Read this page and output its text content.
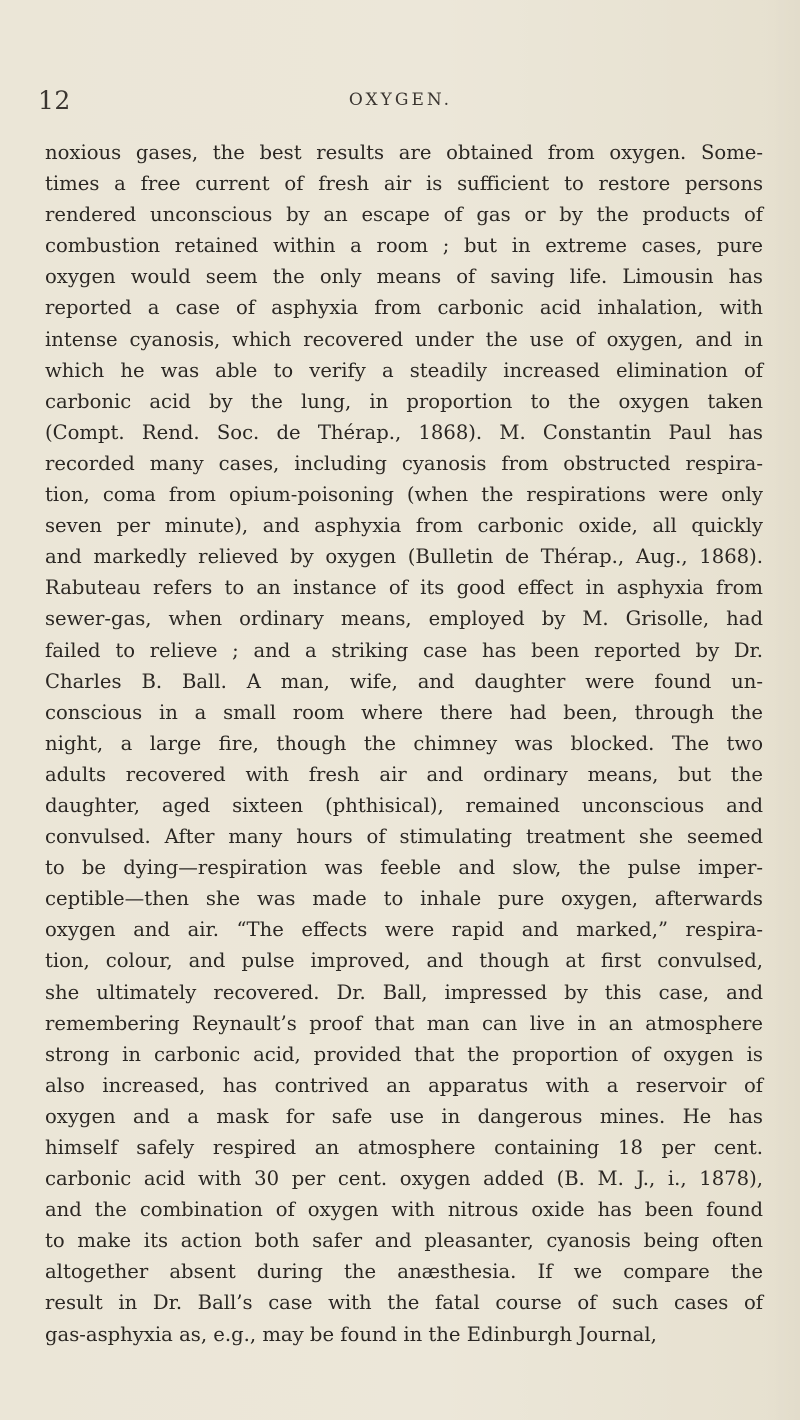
12	OXYGEN.
noxious gases, the best results are obtained from oxygen. Some-
times a free current of fresh air is sufficient to restore persons
rendered unconscious by an escape of gas or by the products of
combustion retained within a room ; but in extreme cases, pure
oxygen would seem the only means of saving life. Limousin has
reported a case of asphyxia from carbonic acid inhalation, with
intense cyanosis, which recovered under the use of oxygen, and in
which he was able to verify a steadily increased elimination of
carbonic acid by the lung, in proportion to the oxygen taken
(Compt. Rend. Soc. de Thérap., 1868). M. Constantin Paul has
recorded many cases, including cyanosis from obstructed respira-
tion, coma from opium-poisoning (when the respirations were only
seven per minute), and asphyxia from carbonic oxide, all quickly
and markedly relieved by oxygen (Bulletin de Thérap., Aug., 1868).
Rabuteau refers to an instance of its good effect in asphyxia from
sewer-gas, when ordinary means, employed by M. Grisolle, had
failed to relieve ; and a striking case has been reported by Dr.
Charles B. Ball. A man, wife, and daughter were found un-
conscious in a small room where there had been, through the
night, a large fire, though the chimney was blocked. The two
adults recovered with fresh air and ordinary means, but the
daughter, aged sixteen (phthisical), remained unconscious and
convulsed. After many hours of stimulating treatment she seemed
to be dying—respiration was feeble and slow, the pulse imper-
ceptible—then she was made to inhale pure oxygen, afterwards
oxygen and air. “The effects were rapid and marked,” respira-
tion, colour, and pulse improved, and though at first convulsed,
she ultimately recovered. Dr. Ball, impressed by this case, and
remembering Reynault’s proof that man can live in an atmosphere
strong in carbonic acid, provided that the proportion of oxygen is
also increased, has contrived an apparatus with a reservoir of
oxygen and a mask for safe use in dangerous mines. He has
himself safely respired an atmosphere containing 18 per cent.
carbonic acid with 30 per cent. oxygen added (B. M. J., i., 1878),
and the combination of oxygen with nitrous oxide has been found
to make its action both safer and pleasanter, cyanosis being often
altogether absent during the anæsthesia. If we compare the
result in Dr. Ball’s case with the fatal course of such cases of
gas-asphyxia as, e.g., may be found in the Edinburgh Journal,
